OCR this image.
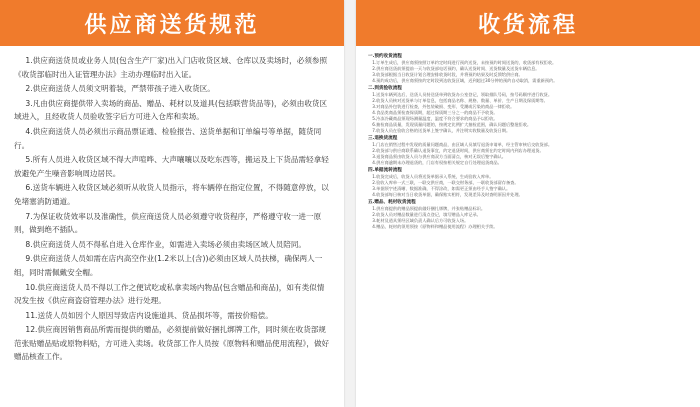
供应商送货规范

1.供应商送货员或业务人员(包含生产厂家)出入门店收货区域、仓库以及卖场时，必须参照《收货部临时出入证管理办法》主动办理临时出入证。

2.供应商送货人员须文明着装，严禁带孩子进入收货区。

3.凡由供应商提供带入卖场的商品、赠品、耗材以及道具(包括联营货品等)，必须由收货区域进入，且经收货人员验收签字后方可进入仓库和卖场。

4.供应商送货人员必须出示商品票证通、检验报告、送货单据和订单编号等单据，随货同行。

5.所有人员进入收货区域不得大声喧哗、大声嚷嚷以及吃东西等，搬运及上下货品需轻拿轻放避免产生噪音影响周边居民。

6.送货车辆进入收货区域必须听从收货人员指示，将车辆停在指定位置，不得随意停放，以免堵塞消防通道。

7.为保证收货效率以及准确性，供应商送货人员必须遵守收货程序，严格遵守收一进一原则，做到绝不插队。

8.供应商送货人员不得私自进入仓库作业，如需进入卖场必须由卖场区域人员陪同。

9.供应商送货人员如需在店内高空作业(1.2米以上(含))必须由区域人员扶梯，确保两人一组，同时需佩戴安全帽。

10.供应商送货人员不得以工作之便试吃或私拿卖场内物品(包含赠品和商品)，如有类似情况发生按《供应商盗窃管理办法》进行处理。

11.送货人员如因个人原因导致店内设施道具、货品损坏等，需按价赔偿。

12.供应商因销售商品所需而提供的赠品，必须提前做好捆扎绑牌工作，同时须在收货部规范张贴赠品贴或原物料贴，方可进入卖场。收货部工作人员按《原物料和赠品使用流程》，做好赠品核查工作。

收货流程

一.预约收货流程

1.订单生成后，供应商须按照订单约定时间进行预约送货，未按预约时间送货的，收货部有权拒收。

2.供应商送货前须提前一天与收货部电话预约，确认送货时间、送货数量及送货车辆信息。

3.收货部根据当日收货计划合理安排收货时段，并将预约结果及时反馈给供应商。

4.预约成功后，供应商须按约定时段到达收货区域，迟到超过30分钟的预约自动取消，需重新预约。

二.到货验收流程

1.送货车辆到达后，送货人员持送货单到收货办公室登记，领取排队号码，按号码顺序进行收货。

2.收货人员核对送货单与订单信息，包括商品名称、规格、数量、单价、生产日期及保质期等。

3.对商品外包装进行检查，外包装破损、变形、受潮或污染的商品一律拒收。

4.食品类商品须检查保质期，超过保质期三分之一的商品不予收货。

5.冷冻冷藏商品须现场测量温度，温度不符合要求的商品予以拒收。

6.抽检商品质量，发现质量问题的，按规定比例扩大抽检范围，确认问题后整批拒收。

7.收货人员在验收合格的送货单上签字确认，并注明实收数量及收货日期。

三.退换货流程

1.门店在销售过程中发现的质量问题商品，由区域人员填写退货申请单，经主管审核后交收货部。

2.收货部与供应商联系确认退货事宜，约定退货时间，供应商须在约定时间内到店办理退货。

3.退货商品须由收货人员与供应商双方当面清点，核对无误后签字确认。

4.供应商逾期未办理退货的，门店有权按相关规定自行处理退货商品。

四.单据流转流程

1.收货完成后，收货人员将送货单据录入系统，生成验收入库单。

2.验收入库单一式三联，一联交供应商，一联交财务部，一联收货部留存备查。

3.单据须字迹清晰、数据准确，不得涂改，如需更正须由经手人签字确认。

4.收货部每日核对当日收货单据，确保账实相符，发现差异及时查明原因并处理。

五.赠品、耗材收货流程

1.供应商提供的赠品须提前做好捆扎绑牌，并张贴赠品标识。

2.收货人员对赠品数量进行清点登记，填写赠品入库记录。

3.耗材及道具须经区域负责人确认后方可收货入场。

4.赠品、耗材的领用须按《原物料和赠品使用流程》办理相关手续。
